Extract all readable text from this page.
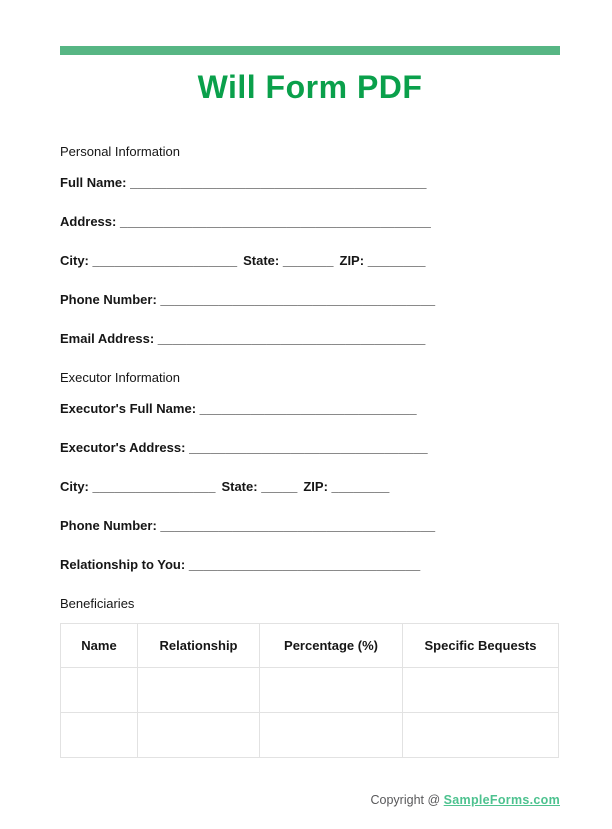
Will Form PDF

Personal Information

Full Name: _________________________________________

Address: ___________________________________________

City: ____________________ State: _______ ZIP: ________

Phone Number: ______________________________________

Email Address: _____________________________________

Executor Information

Executor's Full Name: ______________________________

Executor's Address: _________________________________

City: _________________ State: _____ ZIP: ________

Phone Number: ______________________________________

Relationship to You: ________________________________

Beneficiaries

Name	Relationship	Percentage (%)	Specific Bequests

Copyright @ SampleForms.com
